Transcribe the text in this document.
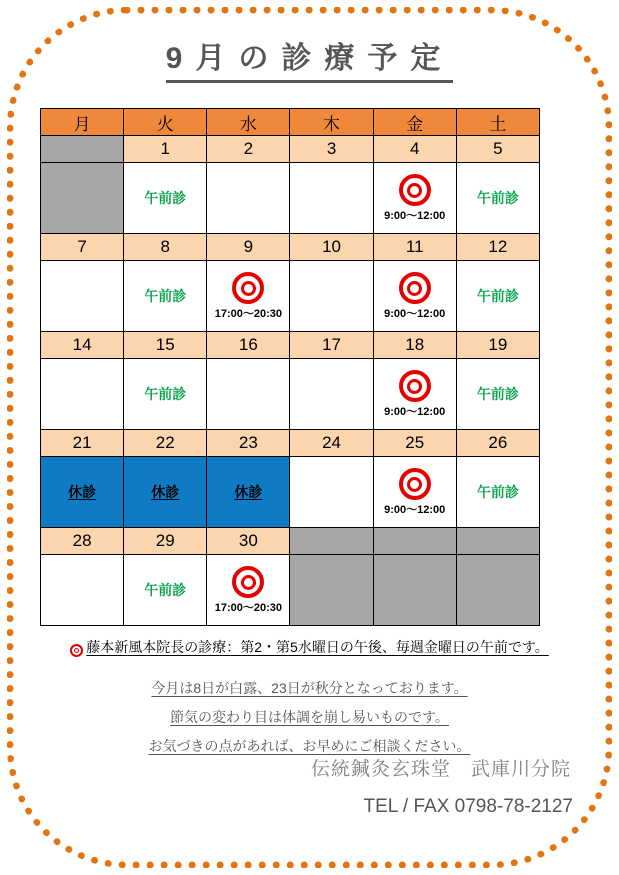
9月の診療予定
月	火	水	木	金	土
	1	2	3	4	5
	午前診			9:00～12:00	午前診
7	8	9	10	11	12
	午前診	17:00～20:30		9:00～12:00	午前診
14	15	16	17	18	19
	午前診			9:00～12:00	午前診
21	22	23	24	25	26
休診	休診	休診		9:00～12:00	午前診
28	29	30			
	午前診	17:00～20:30			

藤本新風本院長の診療：第2・第5水曜日の午後、毎週金曜日の午前です。
今月は8日が白露、23日が秋分となっております。
節気の変わり目は体調を崩し易いものです。
お気づきの点があれば、お早めにご相談ください。
伝統鍼灸玄珠堂　武庫川分院
TEL / FAX 0798-78-2127
